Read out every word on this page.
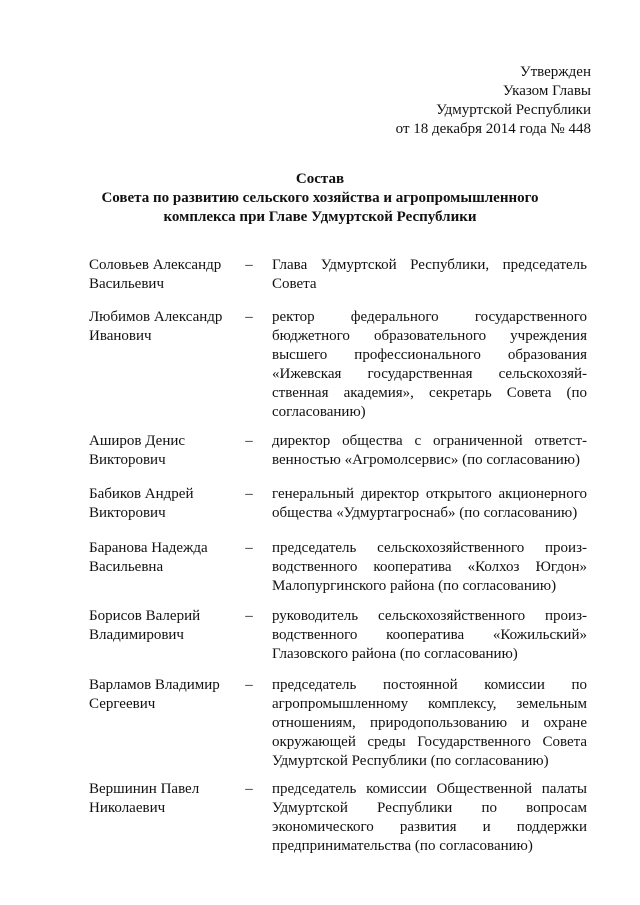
Утвержден
Указом Главы
Удмуртской Республики
от 18 декабря 2014 года № 448
Состав
Совета по развитию сельского хозяйства и агропромышленного
комплекса при Главе Удмуртской Республики
Соловьев Александр
Васильевич
–	Глава Удмуртской Республики, председатель
Совета
Любимов Александр
Иванович
–	ректор федерального государственного
бюджетного образовательного учреждения
высшего профессионального образования
«Ижевская государственная сельскохозяй-
ственная академия», секретарь Совета (по
согласованию)
Аширов Денис
Викторович
–	директор общества с ограниченной ответст-
венностью «Агромолсервис» (по согласованию)
Бабиков Андрей
Викторович
–	генеральный директор открытого акционерного
общества «Удмуртагроснаб» (по согласованию)
Баранова Надежда
Васильевна
–	председатель сельскохозяйственного произ-
водственного кооператива «Колхоз Югдон»
Малопургинского района (по согласованию)
Борисов Валерий
Владимирович
–	руководитель сельскохозяйственного произ-
водственного кооператива «Кожильский»
Глазовского района (по согласованию)
Варламов Владимир
Сергеевич
–	председатель постоянной комиссии по
агропромышленному комплексу, земельным
отношениям, природопользованию и охране
окружающей среды Государственного Совета
Удмуртской Республики (по согласованию)
Вершинин Павел
Николаевич
–	председатель комиссии Общественной палаты
Удмуртской Республики по вопросам
экономического развития и поддержки
предпринимательства (по согласованию)
